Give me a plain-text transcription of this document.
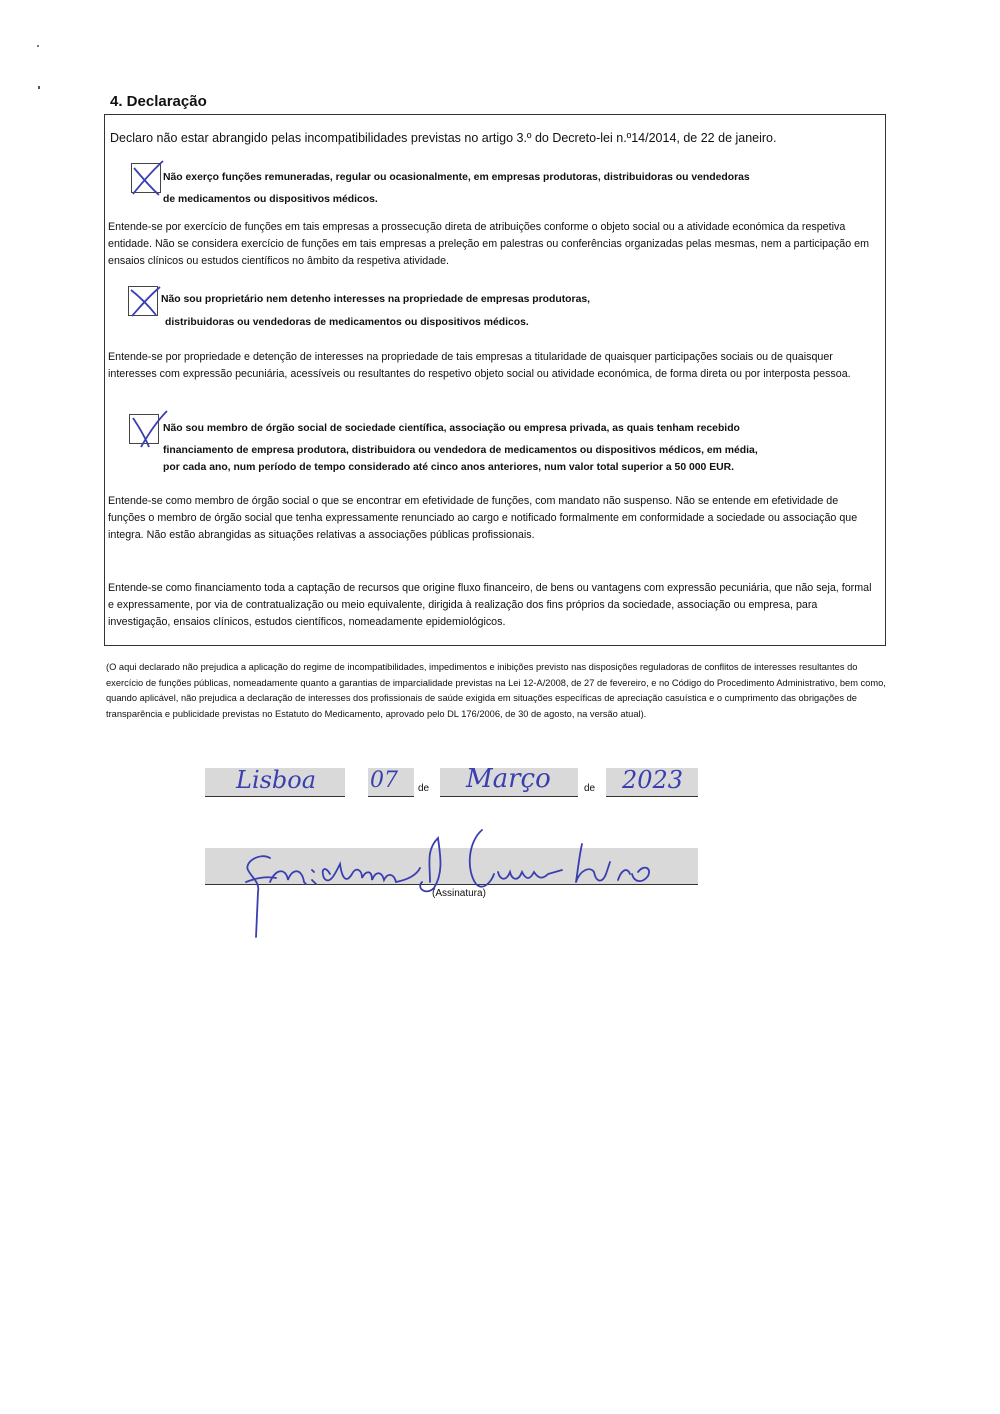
4. Declaração
Declaro não estar abrangido pelas incompatibilidades previstas no artigo 3.º do Decreto-lei n.º14/2014, de 22 de janeiro.
Não exerço funções remuneradas, regular ou ocasionalmente, em empresas produtoras, distribuidoras ou vendedoras
de medicamentos ou dispositivos médicos.
Entende-se por exercício de funções em tais empresas a prossecução direta de atribuições conforme o objeto social ou a atividade económica da respetiva entidade. Não se considera exercício de funções em tais empresas a preleção em palestras ou conferências organizadas pelas mesmas, nem a participação em ensaios clínicos ou estudos científicos no âmbito da respetiva atividade.
Não sou proprietário nem detenho interesses na propriedade de empresas produtoras,
distribuidoras ou vendedoras de medicamentos ou dispositivos médicos.
Entende-se por propriedade e detenção de interesses na propriedade de tais empresas a titularidade de quaisquer participações sociais ou de quaisquer interesses com expressão pecuniária, acessíveis ou resultantes do respetivo objeto social ou atividade económica, de forma direta ou por interposta pessoa.
Não sou membro de órgão social de sociedade científica, associação ou empresa privada, as quais tenham recebido
financiamento de empresa produtora, distribuidora ou vendedora de medicamentos ou dispositivos médicos, em média,
por cada ano, num período de tempo considerado até cinco anos anteriores, num valor total superior a 50 000 EUR.
Entende-se como membro de órgão social o que se encontrar em efetividade de funções, com mandato não suspenso. Não se entende em efetividade de funções o membro de órgão social que tenha expressamente renunciado ao cargo e notificado formalmente em conformidade a sociedade ou associação que integra. Não estão abrangidas as situações relativas a associações públicas profissionais.
Entende-se como financiamento toda a captação de recursos que origine fluxo financeiro, de bens ou vantagens com expressão pecuniária, que não seja, formal e expressamente, por via de contratualização ou meio equivalente, dirigida à realização dos fins próprios da sociedade, associação ou empresa, para investigação, ensaios clínicos, estudos científicos, nomeadamente epidemiológicos.
(O aqui declarado não prejudica a aplicação do regime de incompatibilidades, impedimentos e inibições previsto nas disposições reguladoras de conflitos de interesses resultantes do exercício de funções públicas, nomeadamente quanto a garantias de imparcialidade previstas na Lei 12-A/2008, de 27 de fevereiro, e no Código do Procedimento Administrativo, bem como, quando aplicável, não prejudica a declaração de interesses dos profissionais de saúde exigida em situações específicas de apreciação casuística e o cumprimento das obrigações de transparência e publicidade previstas no Estatuto do Medicamento, aprovado pelo DL 176/2006, de 30 de agosto, na versão atual).
Lisboa 07 de Março	de 2023
(Assinatura)
